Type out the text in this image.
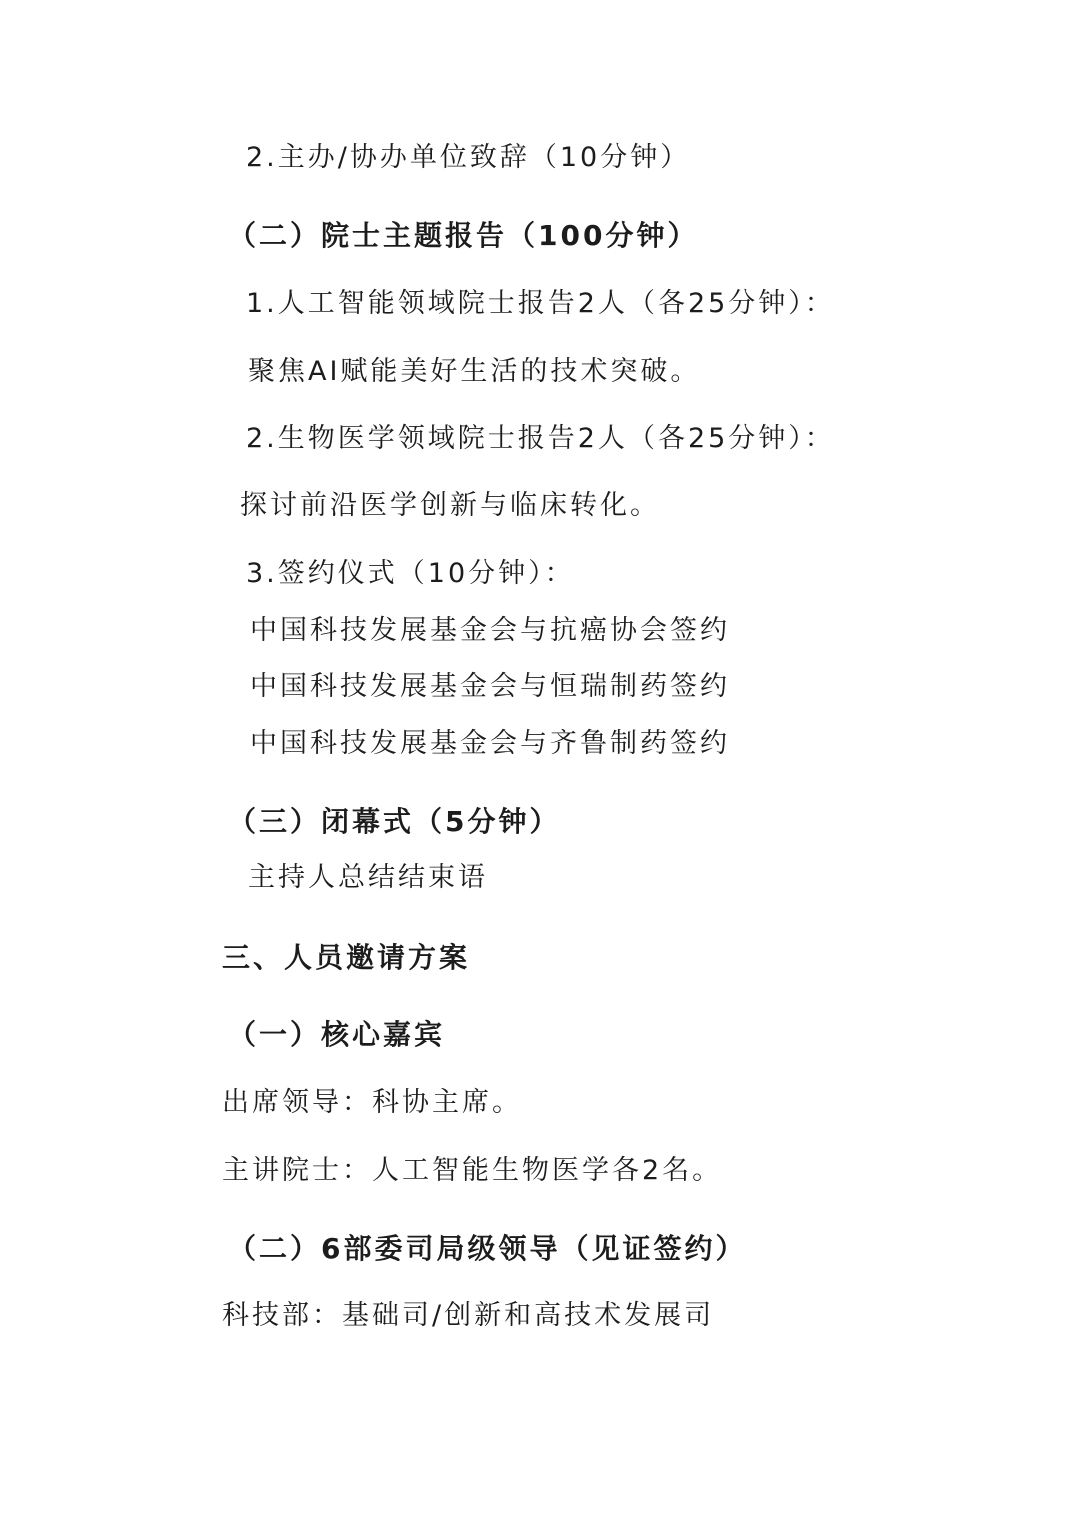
2.主办/协办单位致辞（10分钟）

（二）院士主题报告（100分钟）

1.人工智能领域院士报告2人（各25分钟）：

聚焦AI赋能美好生活的技术突破。

2.生物医学领域院士报告2人（各25分钟）：

探讨前沿医学创新与临床转化。

3.签约仪式（10分钟）：

中国科技发展基金会与抗癌协会签约

中国科技发展基金会与恒瑞制药签约

中国科技发展基金会与齐鲁制药签约

（三）闭幕式（5分钟）

主持人总结结束语

三、人员邀请方案

（一）核心嘉宾

出席领导：科协主席。

主讲院士：人工智能生物医学各2名。

（二）6部委司局级领导（见证签约）

科技部：基础司/创新和高技术发展司
